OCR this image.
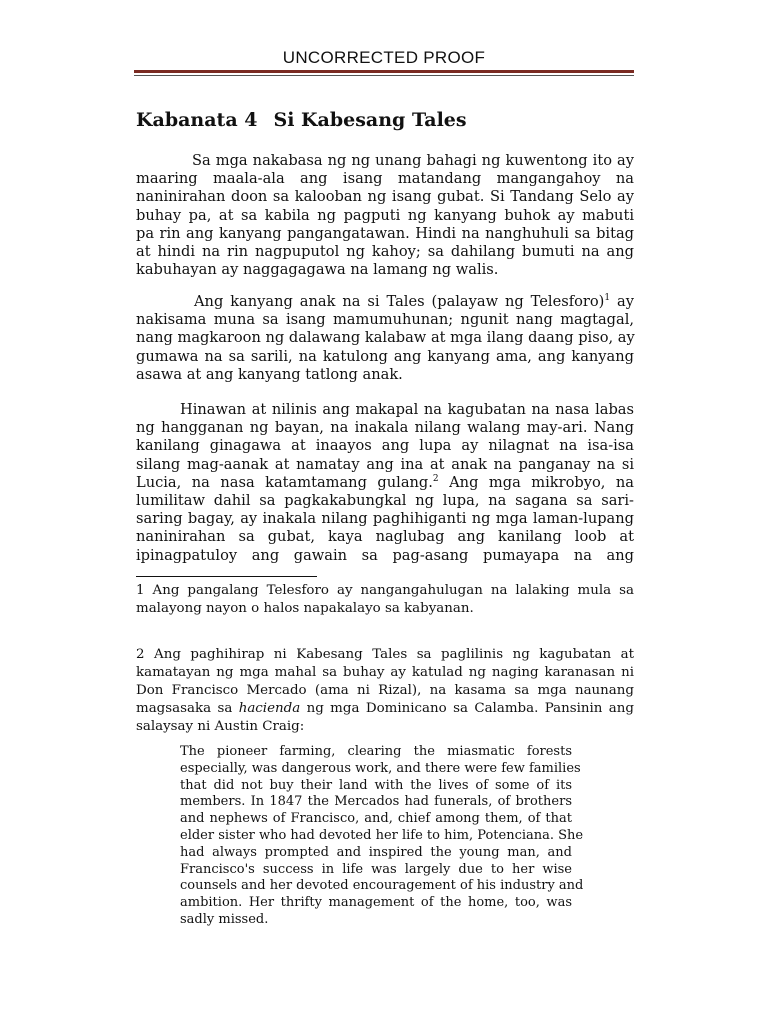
UNCORRECTED PROOF
Kabanata 4 Si Kabesang Tales
Sa mga nakabasa ng ng unang bahagi ng kuwentong ito ay
maaring maala-ala ang isang matandang mangangahoy na
naninirahan doon sa kalooban ng isang gubat. Si Tandang Selo ay
buhay pa, at sa kabila ng pagputi ng kanyang buhok ay mabuti
pa rin ang kanyang pangangatawan. Hindi na nanghuhuli sa bitag
at hindi na rin nagpuputol ng kahoy; sa dahilang bumuti na ang
kabuhayan ay naggagagawa na lamang ng walis.
Ang kanyang anak na si Tales (palayaw ng Telesforo)$^1$ ay
nakisama muna sa isang mamumuhunan; ngunit nang magtagal,
nang magkaroon ng dalawang kalabaw at mga ilang daang piso, ay
gumawa na sa sarili, na katulong ang kanyang ama, ang kanyang
asawa at ang kanyang tatlong anak.
Hinawan at nilinis ang makapal na kagubatan na nasa labas
ng hangganan ng bayan, na inakala nilang walang may-ari. Nang
kanilang ginagawa at inaayos ang lupa ay nilagnat na isa-isa
silang mag-aanak at namatay ang ina at anak na panganay na si
Lucia, na nasa katamtamang gulang.$^2$ Ang mga mikrobyo, na
lumilitaw dahil sa pagkakabungkal ng lupa, na sagana sa sari-
saring bagay, ay inakala nilang paghihiganti ng mga laman-lupang
naninirahan sa gubat, kaya naglubag ang kanilang loob at
ipinagpatuloy ang gawain sa pag-asang pumayapa na ang
1 Ang pangalang Telesforo ay nangangahulugan na lalaking mula sa
malayong nayon o halos napakalayo sa kabyanan.
2 Ang paghihirap ni Kabesang Tales sa paglilinis ng kagubatan at
kamatayan ng mga mahal sa buhay ay katulad ng naging karanasan ni
Don Francisco Mercado (ama ni Rizal), na kasama sa mga naunang
magsasaka sa hacienda ng mga Dominicano sa Calamba. Pansinin ang
salaysay ni Austin Craig:
The pioneer farming, clearing the miasmatic forests
especially, was dangerous work, and there were few families
that did not buy their land with the lives of some of its
members. In 1847 the Mercados had funerals, of brothers
and nephews of Francisco, and, chief among them, of that
elder sister who had devoted her life to him, Potenciana. She
had always prompted and inspired the young man, and
Francisco's success in life was largely due to her wise
counsels and her devoted encouragement of his industry and
ambition. Her thrifty management of the home, too, was
sadly missed.
